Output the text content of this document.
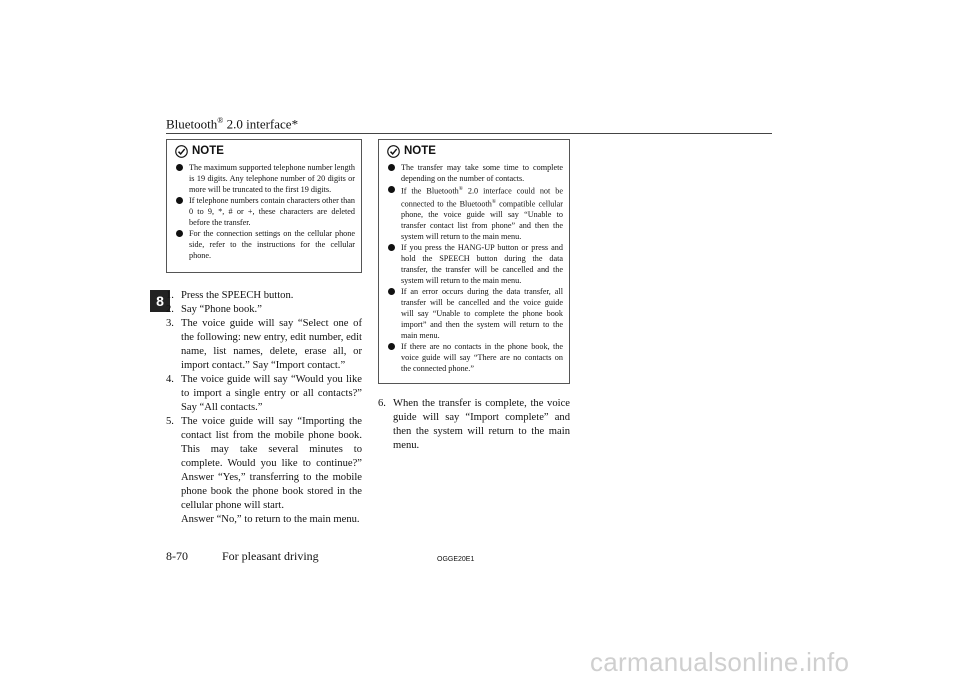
Bluetooth® 2.0 interface*
8
NOTE
The maximum supported telephone number length is 19 digits. Any telephone number of 20 digits or more will be truncated to the first 19 digits.
If telephone numbers contain characters other than 0 to 9, *, # or +, these characters are deleted before the transfer.
For the connection settings on the cellular phone side, refer to the instructions for the cellular phone.
1. Press the SPEECH button.
2. Say “Phone book.”
3. The voice guide will say “Select one of the following: new entry, edit number, edit name, list names, delete, erase all, or import contact.” Say “Import contact.”
4. The voice guide will say “Would you like to import a single entry or all contacts?” Say “All contacts.”
5. The voice guide will say “Importing the contact list from the mobile phone book. This may take several minutes to complete. Would you like to continue?” Answer “Yes,” transferring to the mobile phone book the phone book stored in the cellular phone will start.
Answer “No,” to return to the main menu.
NOTE
The transfer may take some time to complete depending on the number of contacts.
If the Bluetooth® 2.0 interface could not be connected to the Bluetooth® compatible cellular phone, the voice guide will say “Unable to transfer contact list from phone” and then the system will return to the main menu.
If you press the HANG-UP button or press and hold the SPEECH button during the data transfer, the transfer will be cancelled and the system will return to the main menu.
If an error occurs during the data transfer, all transfer will be cancelled and the voice guide will say “Unable to complete the phone book import” and then the system will return to the main menu.
If there are no contacts in the phone book, the voice guide will say “There are no contacts on the connected phone.”
6. When the transfer is complete, the voice guide will say “Import complete” and then the system will return to the main menu.
8-70	For pleasant driving	OGGE20E1
carmanualsonline.info
